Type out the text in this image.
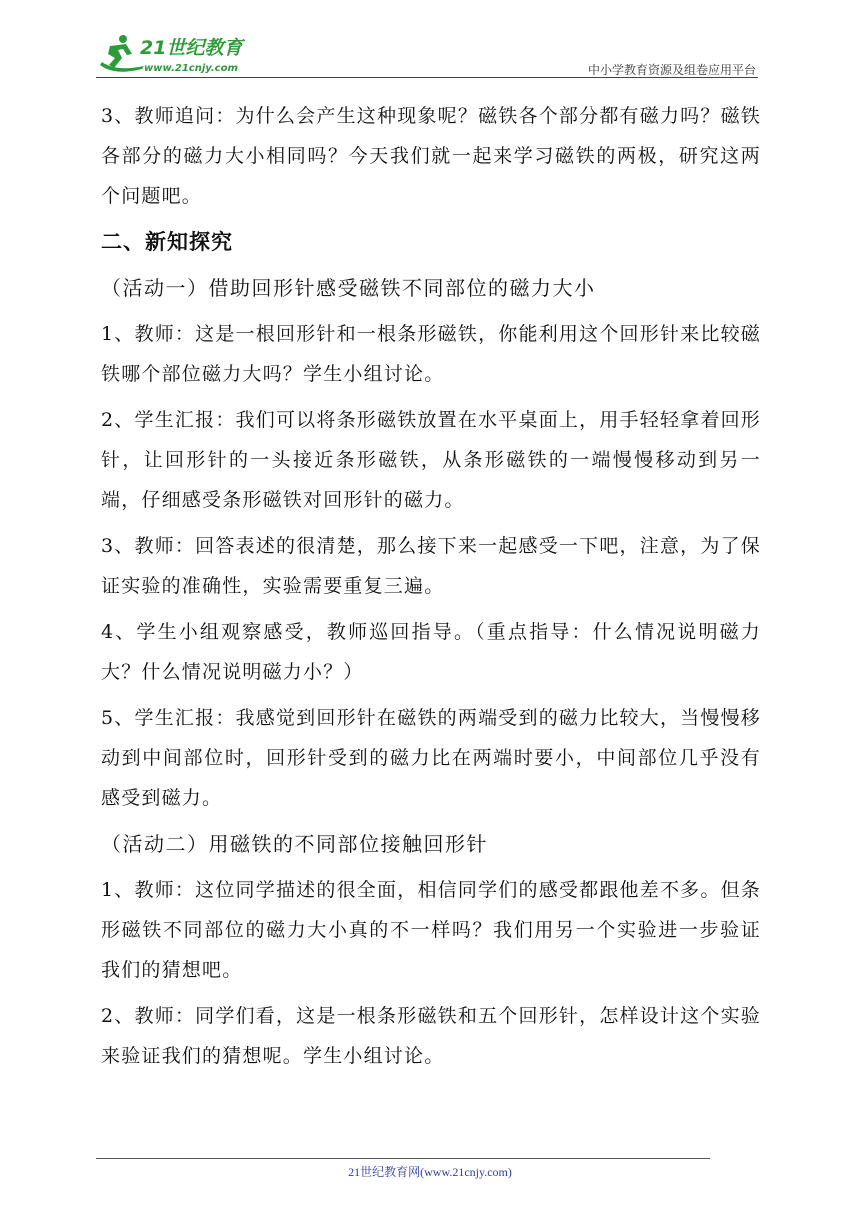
21世纪教育
www.21cnjy.com	中小学教育资源及组卷应用平台

3、教师追问：为什么会产生这种现象呢？磁铁各个部分都有磁力吗？磁铁各部分的磁力大小相同吗？今天我们就一起来学习磁铁的两极，研究这两个问题吧。

二、新知探究
（活动一）借助回形针感受磁铁不同部位的磁力大小

1、教师：这是一根回形针和一根条形磁铁，你能利用这个回形针来比较磁铁哪个部位磁力大吗？学生小组讨论。

2、学生汇报：我们可以将条形磁铁放置在水平桌面上，用手轻轻拿着回形针，让回形针的一头接近条形磁铁，从条形磁铁的一端慢慢移动到另一端，仔细感受条形磁铁对回形针的磁力。

3、教师：回答表述的很清楚，那么接下来一起感受一下吧，注意，为了保证实验的准确性，实验需要重复三遍。

4、学生小组观察感受，教师巡回指导。（重点指导：什么情况说明磁力大？什么情况说明磁力小？）

5、学生汇报：我感觉到回形针在磁铁的两端受到的磁力比较大，当慢慢移动到中间部位时，回形针受到的磁力比在两端时要小，中间部位几乎没有感受到磁力。

（活动二）用磁铁的不同部位接触回形针

1、教师：这位同学描述的很全面，相信同学们的感受都跟他差不多。但条形磁铁不同部位的磁力大小真的不一样吗？我们用另一个实验进一步验证我们的猜想吧。

2、教师：同学们看，这是一根条形磁铁和五个回形针，怎样设计这个实验来验证我们的猜想呢。学生小组讨论。

21世纪教育网(www.21cnjy.com)
